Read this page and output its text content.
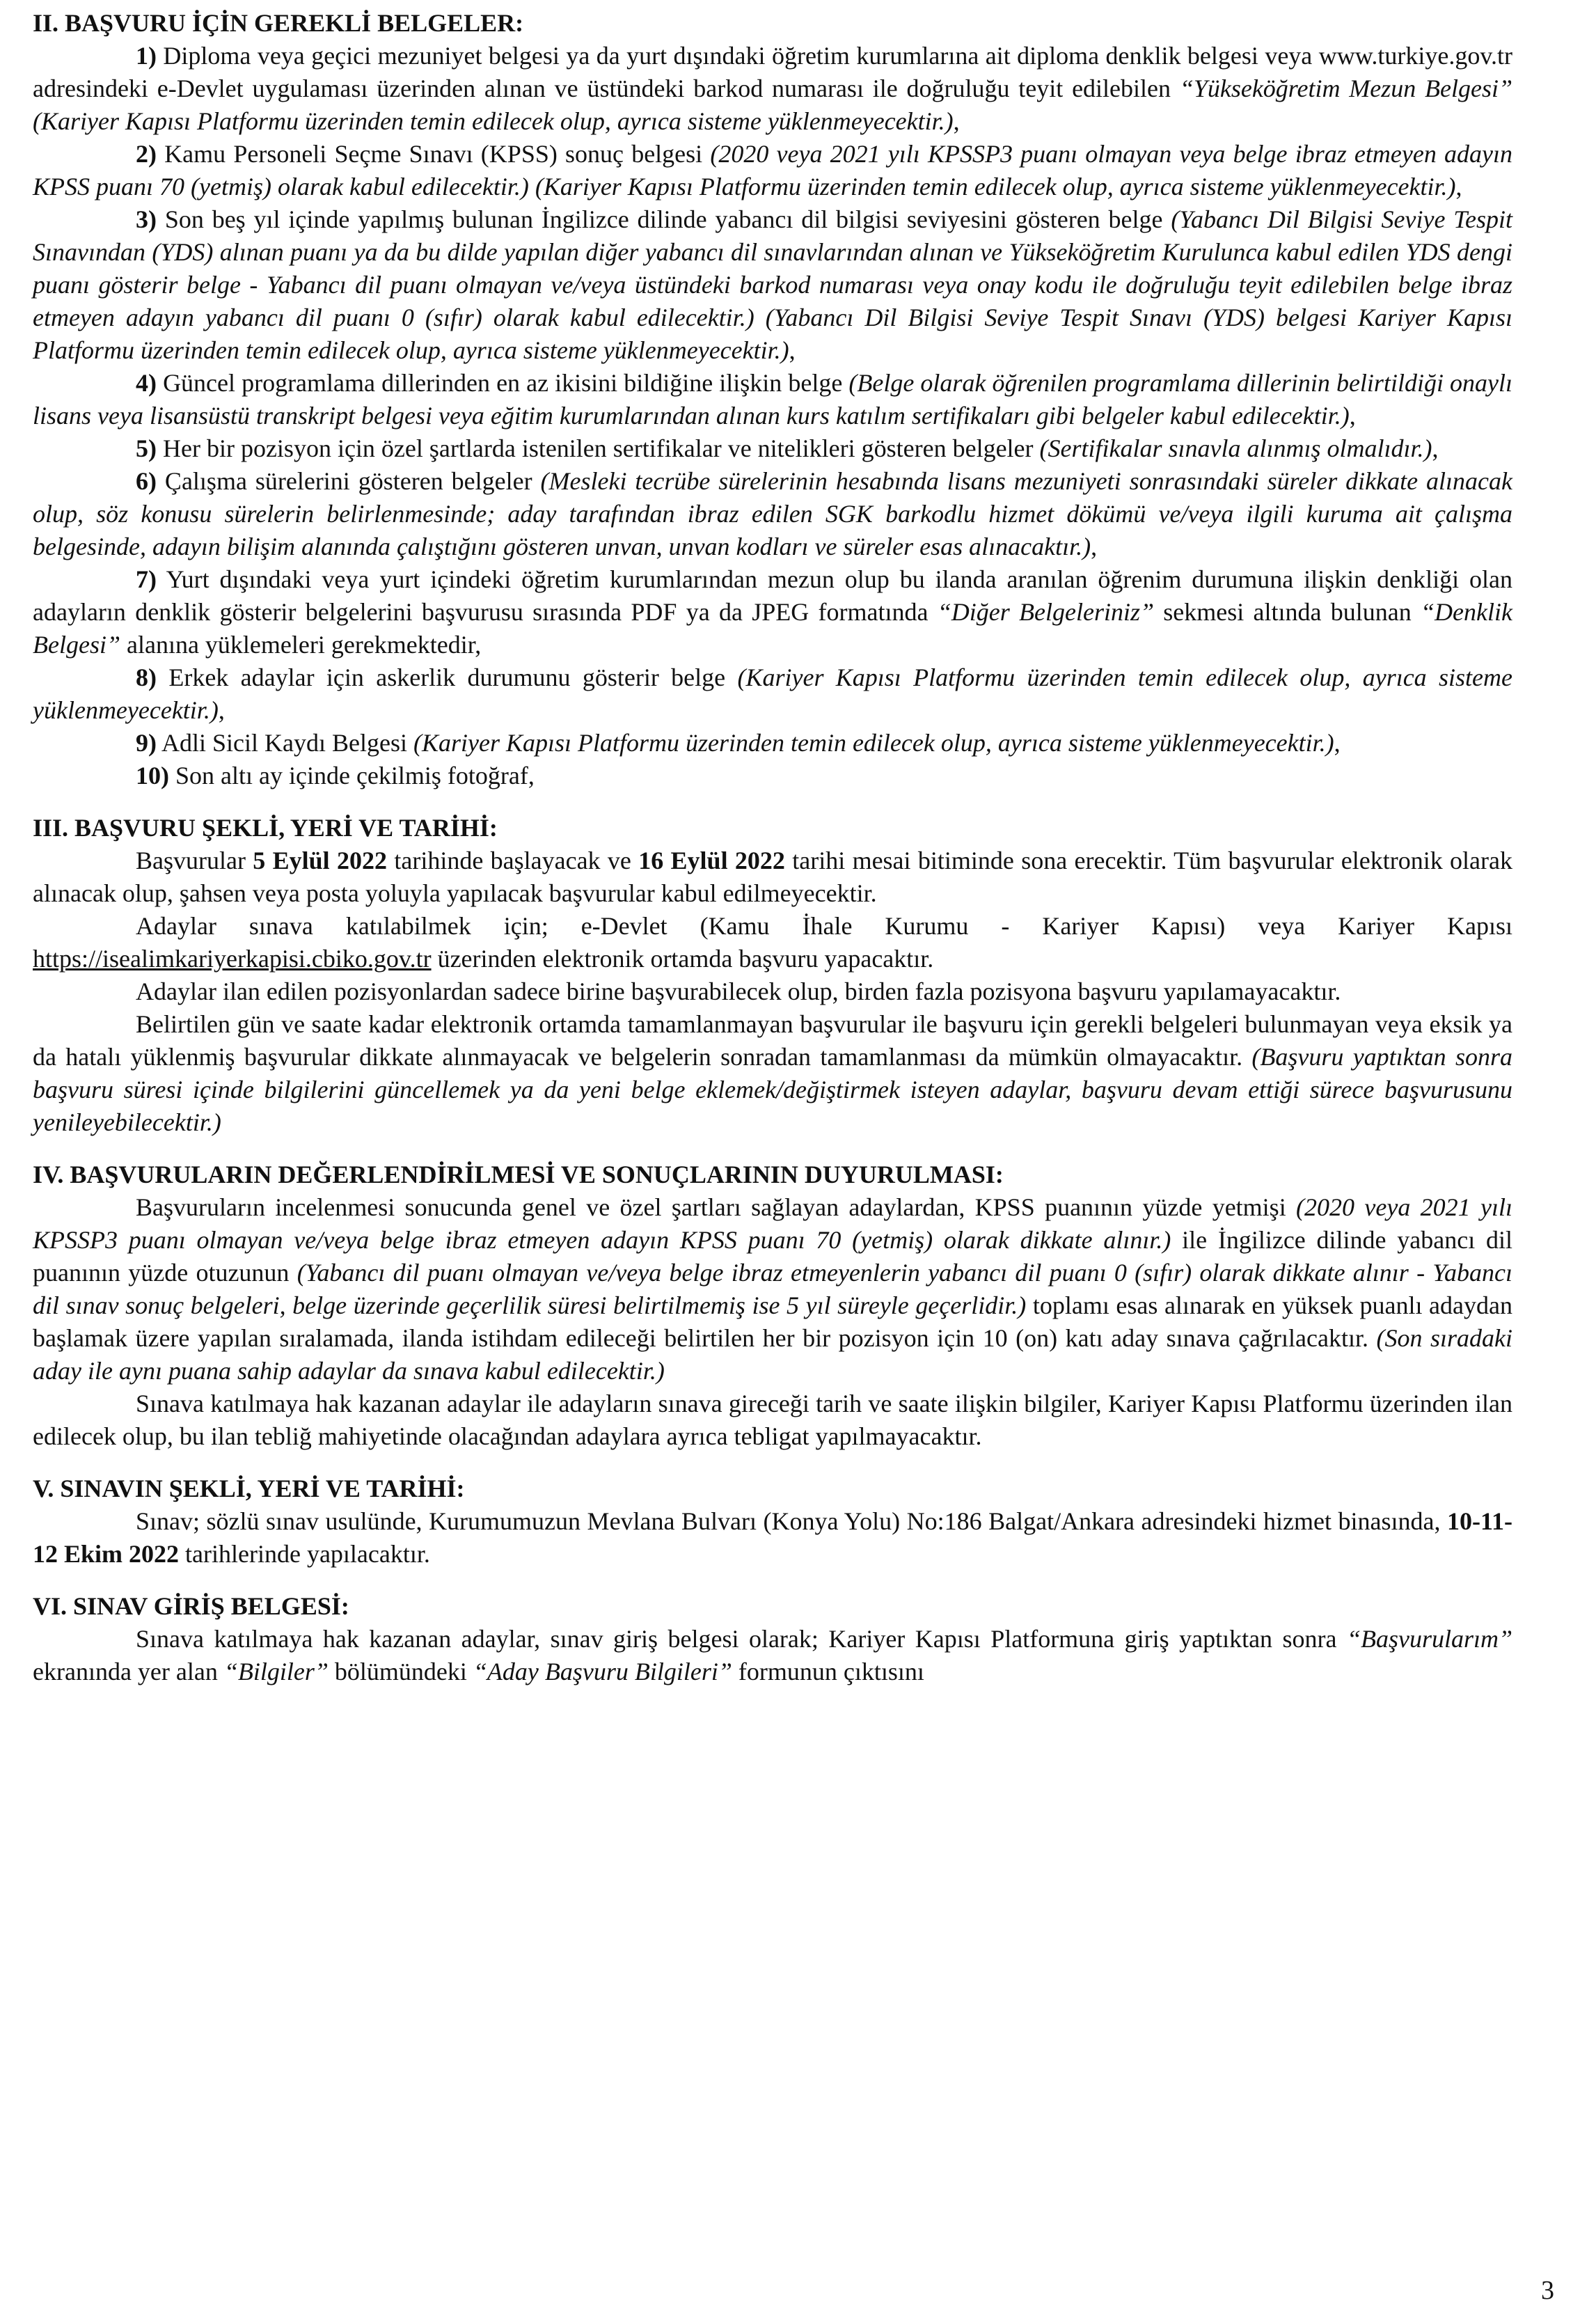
II. BAŞVURU İÇİN GEREKLİ BELGELER:

1) Diploma veya geçici mezuniyet belgesi ya da yurt dışındaki öğretim kurumlarına ait diploma denklik belgesi veya www.turkiye.gov.tr adresindeki e-Devlet uygulaması üzerinden alınan ve üstündeki barkod numarası ile doğruluğu teyit edilebilen “Yükseköğretim Mezun Belgesi” (Kariyer Kapısı Platformu üzerinden temin edilecek olup, ayrıca sisteme yüklenmeyecektir.),

2) Kamu Personeli Seçme Sınavı (KPSS) sonuç belgesi (2020 veya 2021 yılı KPSSP3 puanı olmayan veya belge ibraz etmeyen adayın KPSS puanı 70 (yetmiş) olarak kabul edilecektir.) (Kariyer Kapısı Platformu üzerinden temin edilecek olup, ayrıca sisteme yüklenmeyecektir.),

3) Son beş yıl içinde yapılmış bulunan İngilizce dilinde yabancı dil bilgisi seviyesini gösteren belge (Yabancı Dil Bilgisi Seviye Tespit Sınavından (YDS) alınan puanı ya da bu dilde yapılan diğer yabancı dil sınavlarından alınan ve Yükseköğretim Kurulunca kabul edilen YDS dengi puanı gösterir belge - Yabancı dil puanı olmayan ve/veya üstündeki barkod numarası veya onay kodu ile doğruluğu teyit edilebilen belge ibraz etmeyen adayın yabancı dil puanı 0 (sıfır) olarak kabul edilecektir.) (Yabancı Dil Bilgisi Seviye Tespit Sınavı (YDS) belgesi Kariyer Kapısı Platformu üzerinden temin edilecek olup, ayrıca sisteme yüklenmeyecektir.),

4) Güncel programlama dillerinden en az ikisini bildiğine ilişkin belge (Belge olarak öğrenilen programlama dillerinin belirtildiği onaylı lisans veya lisansüstü transkript belgesi veya eğitim kurumlarından alınan kurs katılım sertifikaları gibi belgeler kabul edilecektir.),

5) Her bir pozisyon için özel şartlarda istenilen sertifikalar ve nitelikleri gösteren belgeler (Sertifikalar sınavla alınmış olmalıdır.),

6) Çalışma sürelerini gösteren belgeler (Mesleki tecrübe sürelerinin hesabında lisans mezuniyeti sonrasındaki süreler dikkate alınacak olup, söz konusu sürelerin belirlenmesinde; aday tarafından ibraz edilen SGK barkodlu hizmet dökümü ve/veya ilgili kuruma ait çalışma belgesinde, adayın bilişim alanında çalıştığını gösteren unvan, unvan kodları ve süreler esas alınacaktır.),

7) Yurt dışındaki veya yurt içindeki öğretim kurumlarından mezun olup bu ilanda aranılan öğrenim durumuna ilişkin denkliği olan adayların denklik gösterir belgelerini başvurusu sırasında PDF ya da JPEG formatında “Diğer Belgeleriniz” sekmesi altında bulunan “Denklik Belgesi” alanına yüklemeleri gerekmektedir,

8) Erkek adaylar için askerlik durumunu gösterir belge (Kariyer Kapısı Platformu üzerinden temin edilecek olup, ayrıca sisteme yüklenmeyecektir.),

9) Adli Sicil Kaydı Belgesi (Kariyer Kapısı Platformu üzerinden temin edilecek olup, ayrıca sisteme yüklenmeyecektir.),

10) Son altı ay içinde çekilmiş fotoğraf,

III. BAŞVURU ŞEKLİ, YERİ VE TARİHİ:

Başvurular 5 Eylül 2022 tarihinde başlayacak ve 16 Eylül 2022 tarihi mesai bitiminde sona erecektir. Tüm başvurular elektronik olarak alınacak olup, şahsen veya posta yoluyla yapılacak başvurular kabul edilmeyecektir.

Adaylar sınava katılabilmek için; e-Devlet (Kamu İhale Kurumu - Kariyer Kapısı) veya Kariyer Kapısı https://isealimkariyerkapisi.cbiko.gov.tr üzerinden elektronik ortamda başvuru yapacaktır.

Adaylar ilan edilen pozisyonlardan sadece birine başvurabilecek olup, birden fazla pozisyona başvuru yapılamayacaktır.

Belirtilen gün ve saate kadar elektronik ortamda tamamlanmayan başvurular ile başvuru için gerekli belgeleri bulunmayan veya eksik ya da hatalı yüklenmiş başvurular dikkate alınmayacak ve belgelerin sonradan tamamlanması da mümkün olmayacaktır. (Başvuru yaptıktan sonra başvuru süresi içinde bilgilerini güncellemek ya da yeni belge eklemek/değiştirmek isteyen adaylar, başvuru devam ettiği sürece başvurusunu yenileyebilecektir.)

IV. BAŞVURULARIN DEĞERLENDİRİLMESİ VE SONUÇLARININ DUYURULMASI:

Başvuruların incelenmesi sonucunda genel ve özel şartları sağlayan adaylardan, KPSS puanının yüzde yetmişi (2020 veya 2021 yılı KPSSP3 puanı olmayan ve/veya belge ibraz etmeyen adayın KPSS puanı 70 (yetmiş) olarak dikkate alınır.) ile İngilizce dilinde yabancı dil puanının yüzde otuzunun (Yabancı dil puanı olmayan ve/veya belge ibraz etmeyenlerin yabancı dil puanı 0 (sıfır) olarak dikkate alınır - Yabancı dil sınav sonuç belgeleri, belge üzerinde geçerlilik süresi belirtilmemiş ise 5 yıl süreyle geçerlidir.) toplamı esas alınarak en yüksek puanlı adaydan başlamak üzere yapılan sıralamada, ilanda istihdam edileceği belirtilen her bir pozisyon için 10 (on) katı aday sınava çağrılacaktır. (Son sıradaki aday ile aynı puana sahip adaylar da sınava kabul edilecektir.)

Sınava katılmaya hak kazanan adaylar ile adayların sınava gireceği tarih ve saate ilişkin bilgiler, Kariyer Kapısı Platformu üzerinden ilan edilecek olup, bu ilan tebliğ mahiyetinde olacağından adaylara ayrıca tebligat yapılmayacaktır.

V. SINAVIN ŞEKLİ, YERİ VE TARİHİ:

Sınav; sözlü sınav usulünde, Kurumumuzun Mevlana Bulvarı (Konya Yolu) No:186 Balgat/Ankara adresindeki hizmet binasında, 10-11-12 Ekim 2022 tarihlerinde yapılacaktır.

VI. SINAV GİRİŞ BELGESİ:

Sınava katılmaya hak kazanan adaylar, sınav giriş belgesi olarak; Kariyer Kapısı Platformuna giriş yaptıktan sonra “Başvurularım” ekranında yer alan “Bilgiler” bölümündeki “Aday Başvuru Bilgileri” formunun çıktısını

3
